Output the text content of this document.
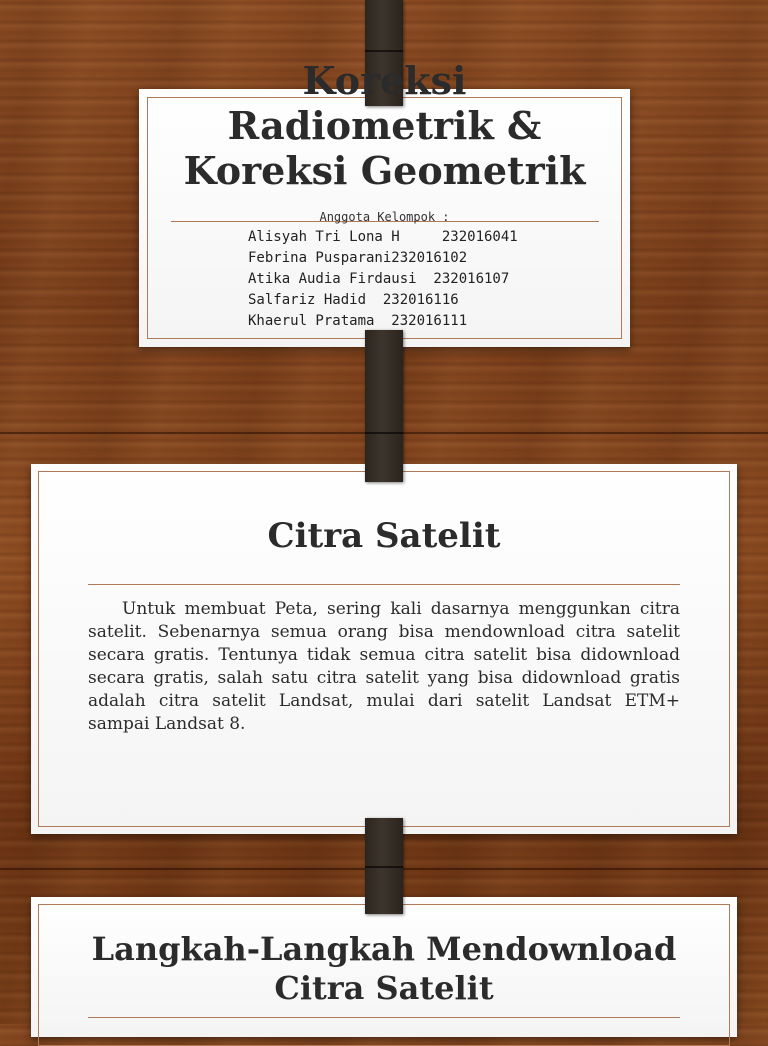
Anggota Kelompok :
Alisyah Tri Lona H     232016041
Febrina Pusparani232016102
Atika Audia Firdausi  232016107
Salfariz Hadid  232016116
Khaerul Pratama  232016111
Koreksi
Radiometrik &
Koreksi Geometrik
Citra Satelit
Untuk membuat Peta, sering kali dasarnya menggunkan citra satelit. Sebenarnya semua orang bisa mendownload citra satelit secara gratis. Tentunya tidak semua citra satelit bisa didownload secara gratis, salah satu citra satelit yang bisa didownload gratis adalah citra satelit Landsat, mulai dari satelit Landsat ETM+ sampai Landsat 8.
Langkah-Langkah Mendownload
Citra Satelit
